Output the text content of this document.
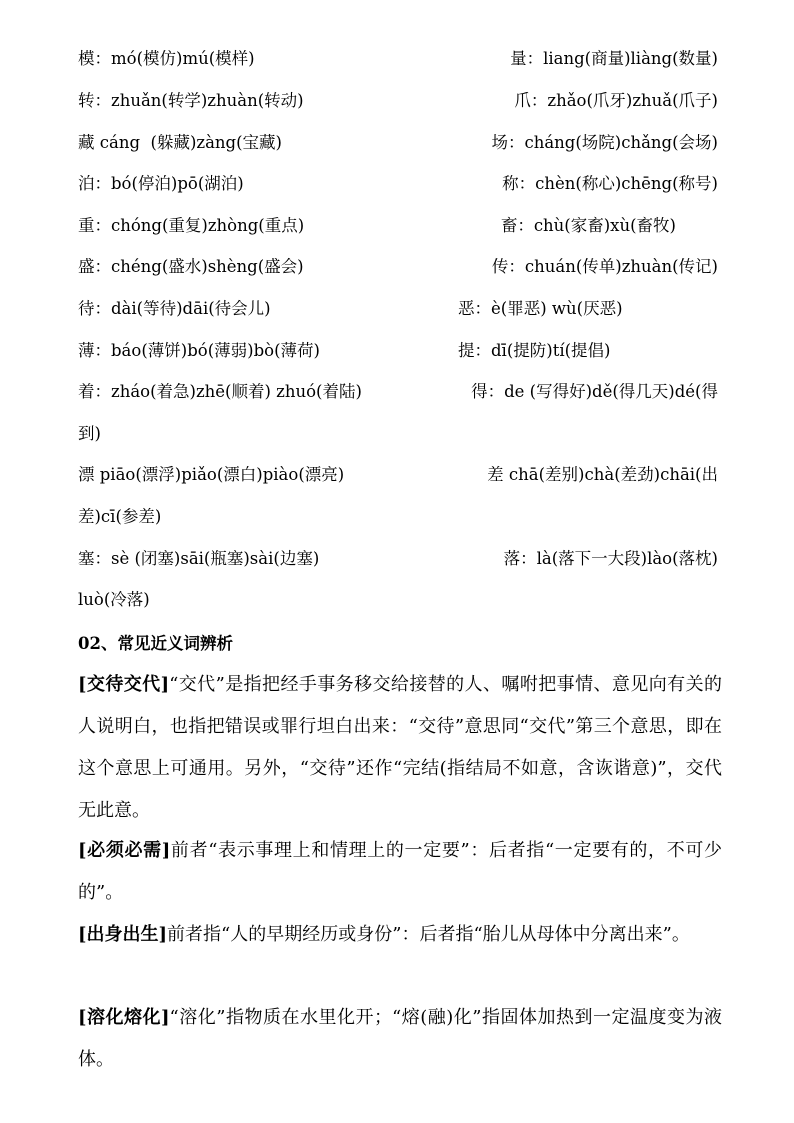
模：mó(模仿)mú(模样)	量：liang(商量)liàng(数量)
转：zhuǎn(转学)zhuàn(转动)	爪：zhǎo(爪牙)zhuǎ(爪子)
藏 cáng  (躲藏)zàng(宝藏)	场：cháng(场院)chǎng(会场)
泊：bó(停泊)pō(湖泊)	称：chèn(称心)chēng(称号)
重：chóng(重复)zhòng(重点)	畜：chù(家畜)xù(畜牧)
盛：chéng(盛水)shèng(盛会)	传：chuán(传单)zhuàn(传记)
待：dài(等待)dāi(待会儿)	恶：è(罪恶) wù(厌恶)
薄：báo(薄饼)bó(薄弱)bò(薄荷)	提：dī(提防)tí(提倡)
着：zháo(着急)zhē(顺着) zhuó(着陆)	得：de (写得好)dě(得几天)dé(得
到)
漂 piāo(漂浮)piǎo(漂白)piào(漂亮)	差 chā(差别)chà(差劲)chāi(出
差)cī(参差)
塞：sè (闭塞)sāi(瓶塞)sài(边塞)	落：là(落下一大段)lào(落枕)
luò(冷落)
02、常见近义词辨析
[交待交代]“交代”是指把经手事务移交给接替的人、嘱咐把事情、意见向有关的人说明白，也指把错误或罪行坦白出来：“交待”意思同“交代”第三个意思，即在这个意思上可通用。另外，“交待”还作“完结(指结局不如意，含诙谐意)”，交代无此意。
[必须必需]前者“表示事理上和情理上的一定要”：后者指“一定要有的，不可少的”。
[出身出生]前者指“人的早期经历或身份”：后者指“胎儿从母体中分离出来”。
[溶化熔化]“溶化”指物质在水里化开；“熔(融)化”指固体加热到一定温度变为液体。
